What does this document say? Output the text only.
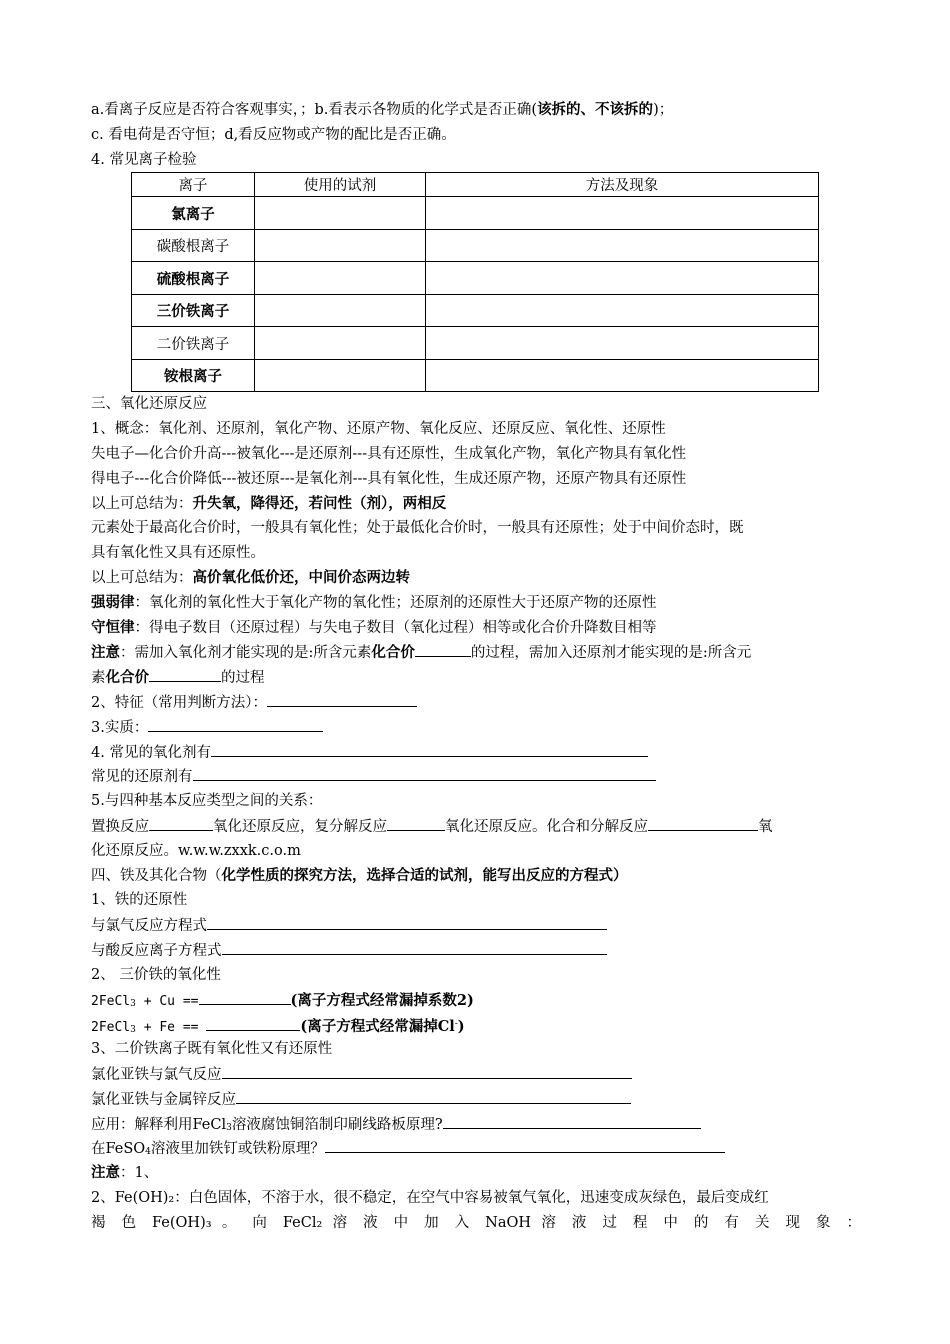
a.看离子反应是否符合客观事实，；b.看表示各物质的化学式是否正确(该拆的、不该拆的)；
c. 看电荷是否守恒；d,看反应物或产物的配比是否正确。
4. 常见离子检验
离子	使用的试剂	方法及现象
氯离子		
碳酸根离子		
硫酸根离子		
三价铁离子		
二价铁离子		
铵根离子		
三、氧化还原反应
1、概念：氧化剂、还原剂，氧化产物、还原产物、氧化反应、还原反应、氧化性、还原性
失电子—化合价升高---被氧化---是还原剂---具有还原性，生成氧化产物，氧化产物具有氧化性
得电子---化合价降低---被还原---是氧化剂---具有氧化性，生成还原产物，还原产物具有还原性
以上可总结为：升失氧，降得还，若问性（剂），两相反
元素处于最高化合价时，一般具有氧化性；处于最低化合价时，一般具有还原性；处于中间价态时，既
具有氧化性又具有还原性。
以上可总结为：高价氧化低价还，中间价态两边转
强弱律：氧化剂的氧化性大于氧化产物的氧化性；还原剂的还原性大于还原产物的还原性
守恒律：得电子数目（还原过程）与失电子数目（氧化过程）相等或化合价升降数目相等
注意：需加入氧化剂才能实现的是:所含元素化合价	的过程，需加入还原剂才能实现的是:所含元
素化合价	的过程
2、特征（常用判断方法）：
3.实质：
4. 常见的氧化剂有
常见的还原剂有
5.与四种基本反应类型之间的关系：
置换反应	氧化还原反应，复分解反应	氧化还原反应。化合和分解反应	氧
化还原反应。w.w.w.zxxk.c.o.m
四、铁及其化合物（化学性质的探究方法，选择合适的试剂，能写出反应的方程式）
1、铁的还原性
与氯气反应方程式
与酸反应离子方程式
2、 三价铁的氧化性
2FeCl$_3$ + Cu ==	(离子方程式经常漏掉系数2)
2FeCl$_3$ + Fe ==	(离子方程式经常漏掉Cl-)
3、二价铁离子既有氧化性又有还原性
氯化亚铁与氯气反应
氯化亚铁与金属锌反应
应用：解释利用FeCl$_3$溶液腐蚀铜箔制印刷线路板原理?
在FeSO$_4$溶液里加铁钉或铁粉原理？
注意：1、
2、Fe(OH)₂：白色固体，不溶于水，很不稳定，在空气中容易被氧气氧化，迅速变成灰绿色，最后变成红
褐 色 Fe(OH)₃ 。 向 FeCl₂ 溶 液 中 加 入 NaOH 溶 液 过 程 中 的 有 关 现 象 ：
